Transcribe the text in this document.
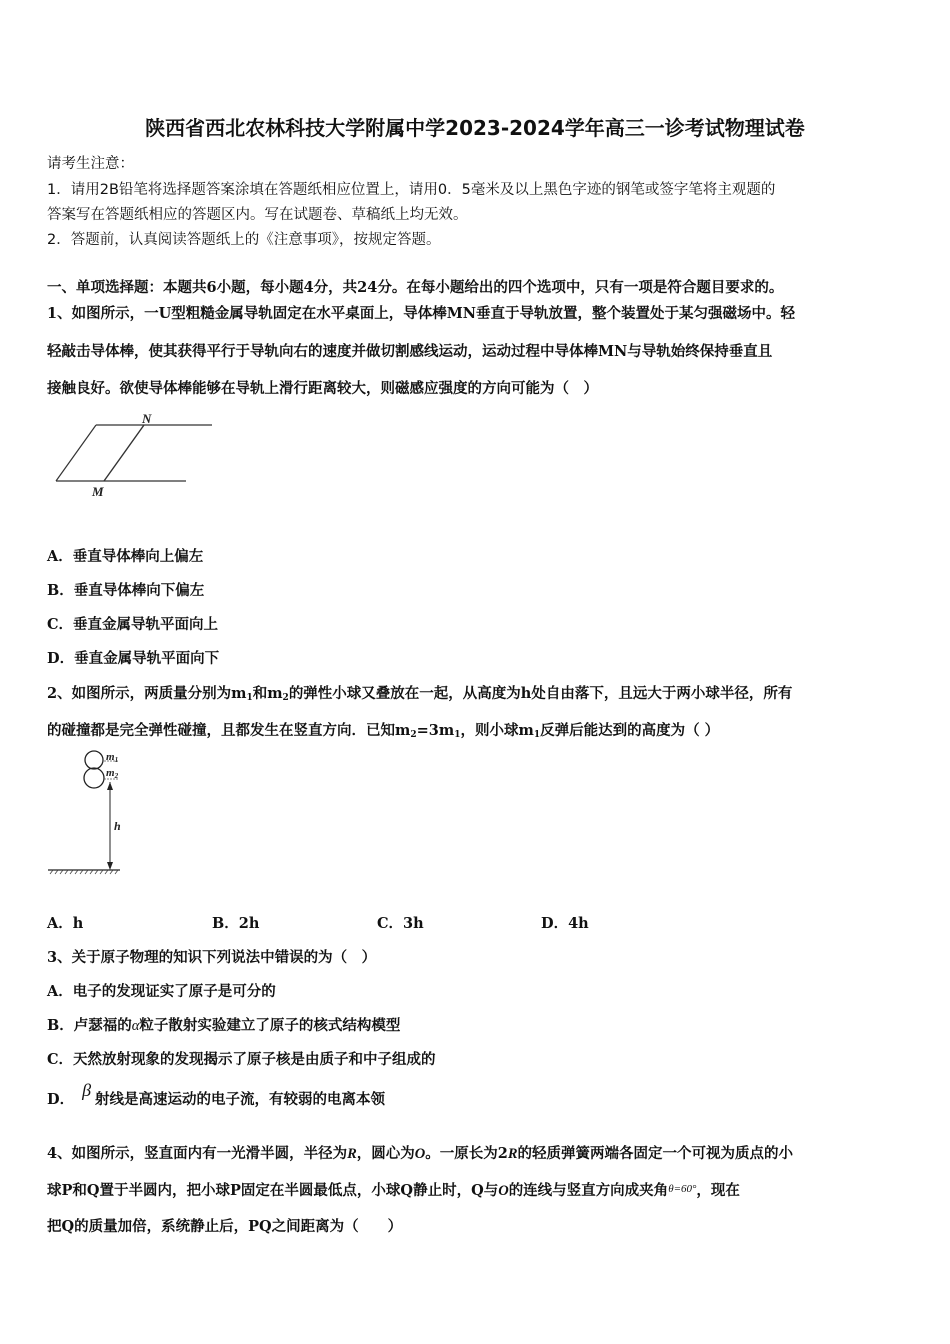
陕西省西北农林科技大学附属中学2023-2024学年高三一诊考试物理试卷
请考生注意：
1．请用2B铅笔将选择题答案涂填在答题纸相应位置上，请用0．5毫米及以上黑色字迹的钢笔或签字笔将主观题的
答案写在答题纸相应的答题区内。写在试题卷、草稿纸上均无效。
2．答题前，认真阅读答题纸上的《注意事项》，按规定答题。
一、单项选择题：本题共6小题，每小题4分，共24分。在每小题给出的四个选项中，只有一项是符合题目要求的。
1、如图所示，一U型粗糙金属导轨固定在水平桌面上，导体棒MN垂直于导轨放置，整个装置处于某匀强磁场中。轻
轻敲击导体棒，使其获得平行于导轨向右的速度并做切割感线运动，运动过程中导体棒MN与导轨始终保持垂直且
接触良好。欲使导体棒能够在导轨上滑行距离较大，则磁感应强度的方向可能为（　）
N
M
A．垂直导体棒向上偏左
B．垂直导体棒向下偏左
C．垂直金属导轨平面向上
D．垂直金属导轨平面向下
2、如图所示，两质量分别为$m_1$和$m_2$的弹性小球又叠放在一起，从高度为h处自由落下，且远大于两小球半径，所有
的碰撞都是完全弹性碰撞，且都发生在竖直方向．已知$m_2=3m_1$，则小球$m_1$反弹后能达到的高度为（ ）
m1
m2
h
A．h	B．2h	C．3h	D．4h
3、关于原子物理的知识下列说法中错误的为（　）
A．电子的发现证实了原子是可分的
B．卢瑟福的α粒子散射实验建立了原子的核式结构模型
C．天然放射现象的发现揭示了原子核是由质子和中子组成的
D． β 射线是高速运动的电子流，有较弱的电离本领
4、如图所示，竖直面内有一光滑半圆，半径为R，圆心为O。一原长为2R的轻质弹簧两端各固定一个可视为质点的小
球P和Q置于半圆内，把小球P固定在半圆最低点，小球Q静止时，Q与O的连线与竖直方向成夹角$^{\theta=60^\circ}$，现在
把Q的质量加倍，系统静止后，PQ之间距离为（　　）
